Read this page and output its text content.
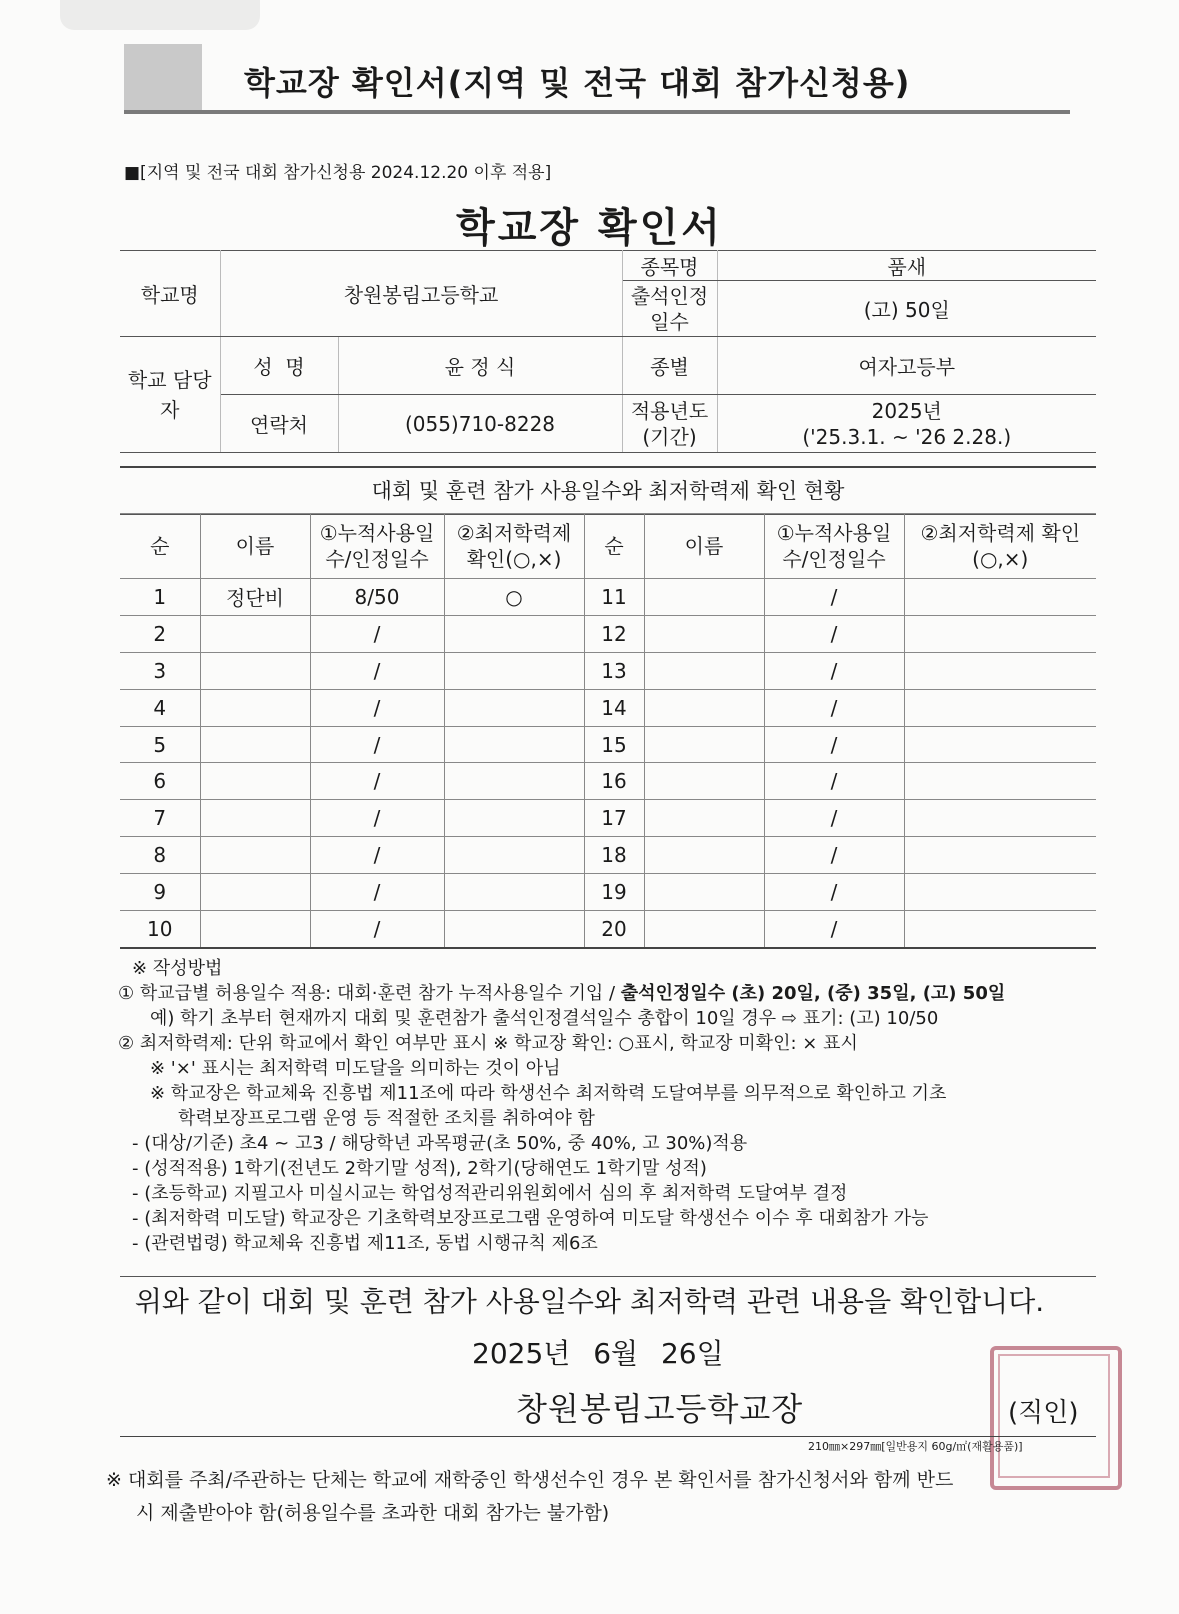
학교장 확인서(지역 및 전국 대회 참가신청용)
■[지역 및 전국 대회 참가신청용 2024.12.20 이후 적용]
학교장 확인서
학교명	창원봉림고등학교		종목명	품새
			출석인정 일수	(고) 50일
학교 담당자	성  명	윤 정 식	종별	여자고등부
	연락처	(055)710-8228	적용년도 (기간)	2025년
('25.3.1. ~ '26 2.28.)
대회 및 훈련 참가 사용일수와 최저학력제 확인 현황
순	이름	①누적사용일수/인정일수	②최저학력제 확인(○,×)	순	이름	①누적사용일수/인정일수	②최저학력제 확인(○,×)
1	정단비	8/50	○	11		/	
2		/		12		/	
3		/		13		/	
4		/		14		/	
5		/		15		/	
6		/		16		/	
7		/		17		/	
8		/		18		/	
9		/		19		/	
10		/		20		/	
※ 작성방법
① 학교급별 허용일수 적용: 대회·훈련 참가 누적사용일수 기입 / 출석인정일수 (초) 20일, (중) 35일, (고) 50일
예) 학기 초부터 현재까지 대회 및 훈련참가 출석인정결석일수 총합이 10일 경우 ⇨ 표기: (고) 10/50
② 최저학력제: 단위 학교에서 확인 여부만 표시 ※ 학교장 확인: ○표시, 학교장 미확인: × 표시
※ '×' 표시는 최저학력 미도달을 의미하는 것이 아님
※ 학교장은 학교체육 진흥법 제11조에 따라 학생선수 최저학력 도달여부를 의무적으로 확인하고 기초
학력보장프로그램 운영 등 적절한 조치를 취하여야 함
- (대상/기준) 초4 ~ 고3 / 해당학년 과목평균(초 50%, 중 40%, 고 30%)적용
- (성적적용) 1학기(전년도 2학기말 성적), 2학기(당해연도 1학기말 성적)
- (초등학교) 지필고사 미실시교는 학업성적관리위원회에서 심의 후 최저학력 도달여부 결정
- (최저학력 미도달) 학교장은 기초학력보장프로그램 운영하여 미도달 학생선수 이수 후 대회참가 가능
- (관련법령) 학교체육 진흥법 제11조, 동법 시행규칙 제6조
위와 같이 대회 및 훈련 참가 사용일수와 최저학력 관련 내용을 확인합니다.
2025년 6월 26일
창원봉림고등학교장	(직인)
210㎜×297㎜[일반용지 60g/㎡(재활용품)]
※ 대회를 주최/주관하는 단체는 학교에 재학중인 학생선수인 경우 본 확인서를 참가신청서와 함께 반드
시 제출받아야 함(허용일수를 초과한 대회 참가는 불가함)
